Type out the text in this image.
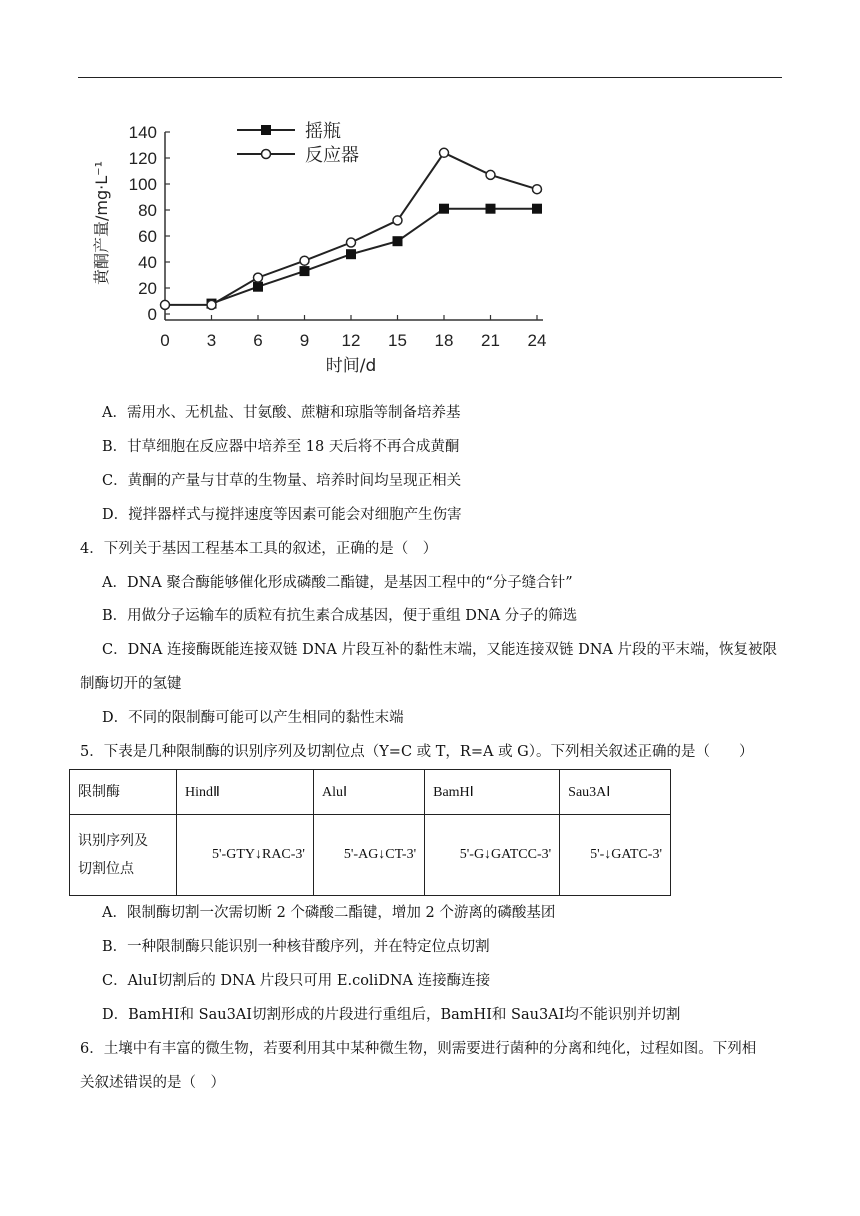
0
20
40
60
80
100
120
140
0 3 6 9 12 15 18 21 24
时间/d
黄酮产量/mg·L⁻¹
摇瓶
反应器
A．需用水、无机盐、甘氨酸、蔗糖和琼脂等制备培养基
B．甘草细胞在反应器中培养至 18 天后将不再合成黄酮
C．黄酮的产量与甘草的生物量、培养时间均呈现正相关
D．搅拌器样式与搅拌速度等因素可能会对细胞产生伤害
4．下列关于基因工程基本工具的叙述，正确的是（　）
A．DNA 聚合酶能够催化形成磷酸二酯键，是基因工程中的“分子缝合针”
B．用做分子运输车的质粒有抗生素合成基因，便于重组 DNA 分子的筛选
C．DNA 连接酶既能连接双链 DNA 片段互补的黏性末端，又能连接双链 DNA 片段的平末端，恢复被限
制酶切开的氢键
D．不同的限制酶可能可以产生相同的黏性末端
5．下表是几种限制酶的识别序列及切割位点（Y=C 或 T，R=A 或 G）。下列相关叙述正确的是（　　）
限制酶	HindⅡ	AluⅠ	BamHⅠ	Sau3AⅠ

识别序列及
切割位点	5'-GTY↓RAC-3'	5'-AG↓CT-3'	5'-G↓GATCC-3'	5'-↓GATC-3'
A．限制酶切割一次需切断 2 个磷酸二酯键，增加 2 个游离的磷酸基团
B．一种限制酶只能识别一种核苷酸序列，并在特定位点切割
C．AluⅠ切割后的 DNA 片段只可用 E.coliDNA 连接酶连接
D．BamHⅠ和 Sau3AⅠ切割形成的片段进行重组后，BamHⅠ和 Sau3AⅠ均不能识别并切割
6．土壤中有丰富的微生物，若要利用其中某种微生物，则需要进行菌种的分离和纯化，过程如图。下列相
关叙述错误的是（　）
